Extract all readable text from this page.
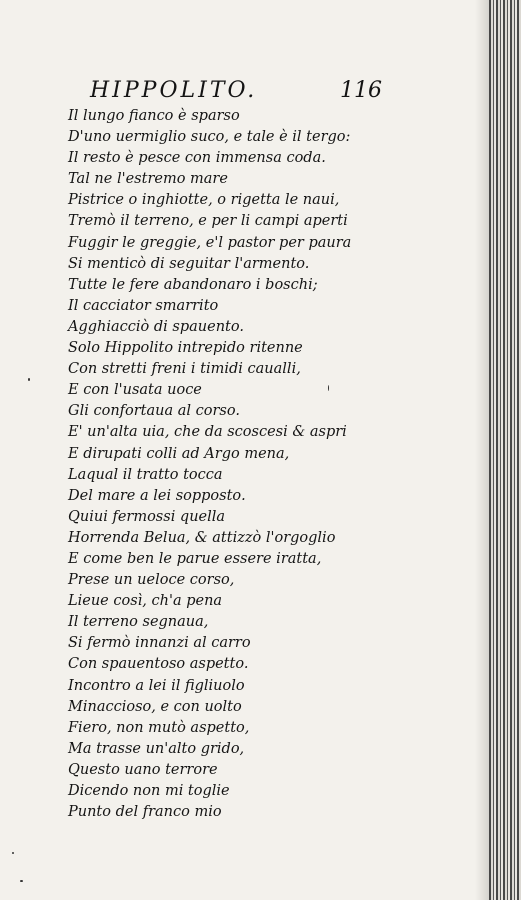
HIPPOLITO.	116
Il lungo fianco è sparso
D'uno uermiglio suco, e tale è il tergo:
Il resto è pesce con immensa coda.
Tal ne l'estremo mare
Pistrice o inghiotte, o rigetta le naui,
Tremò il terreno, e per li campi aperti
Fuggir le greggie, e'l pastor per paura
Si menticò di seguitar l'armento.
Tutte le fere abandonaro i boschi;
Il cacciator smarrito
Agghiacciò di spauento.
Solo Hippolito intrepido ritenne
Con stretti freni i timidi caualli,
E con l'usata uoce
Gli confortaua al corso.
E' un'alta uia, che da scoscesi & aspri
E dirupati colli ad Argo mena,
Laqual il tratto tocca
Del mare a lei soppostо.
Quiui fermossi quella
Horrenda Belua, & attizzò l'orgoglio
E come ben le parue essere iratta,
Prese un ueloce corso,
Lieue così, ch'a pena
Il terreno segnaua,
Si fermò innanzi al carro
Con spauentoso aspetto.
Incontro a lei il figliuolo
Minaccioso, e con uolto
Fiero, non mutò aspetto,
Ma trasse un'alto grido,
Questo uano terrore
Dicendo non mi toglie
Punto del franco mio
